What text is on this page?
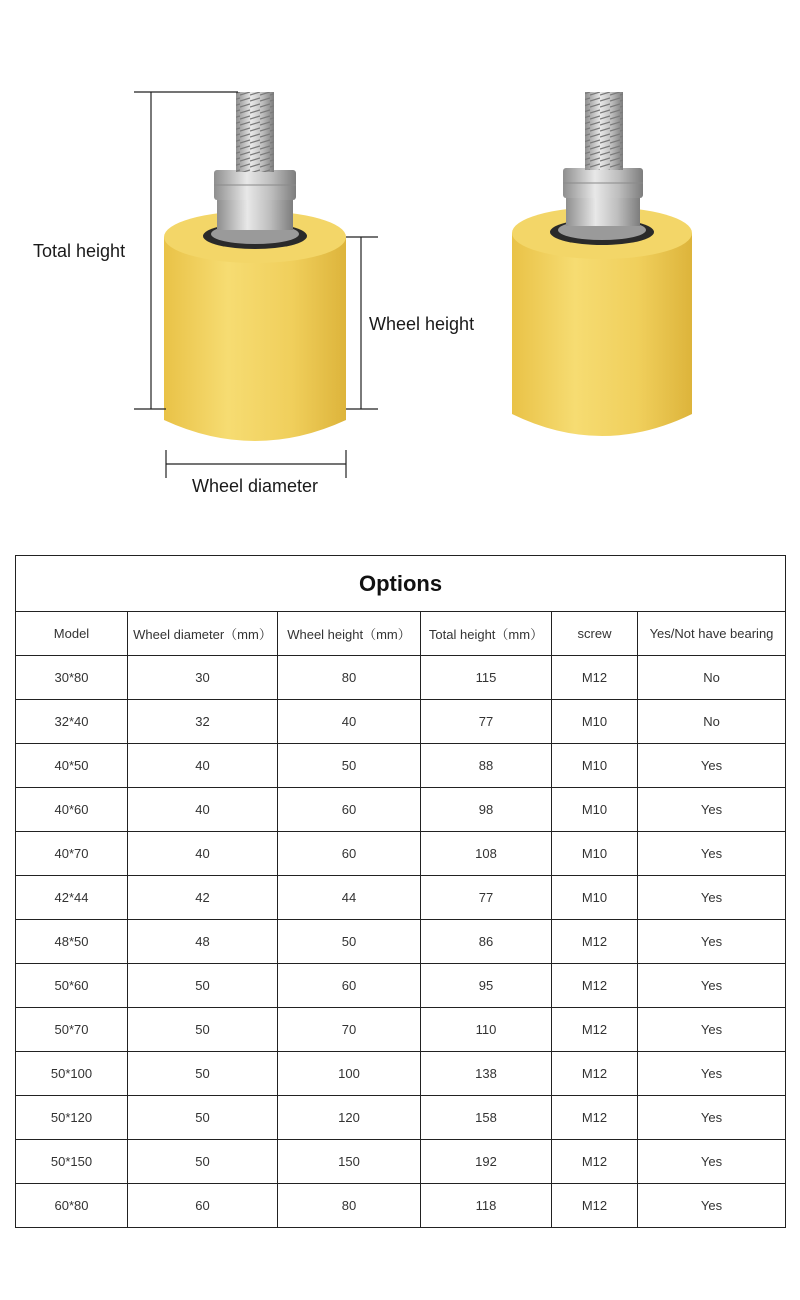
Total height
Wheel height
Wheel diameter
Options					
Model	Wheel diameter（mm）	Wheel height（mm）	Total height（mm）	screw	Yes/Not have bearing
30*80	30	80	115	M12	No
32*40	32	40	77	M10	No
40*50	40	50	88	M10	Yes
40*60	40	60	98	M10	Yes
40*70	40	60	108	M10	Yes
42*44	42	44	77	M10	Yes
48*50	48	50	86	M12	Yes
50*60	50	60	95	M12	Yes
50*70	50	70	110	M12	Yes
50*100	50	100	138	M12	Yes
50*120	50	120	158	M12	Yes
50*150	50	150	192	M12	Yes
60*80	60	80	118	M12	Yes
